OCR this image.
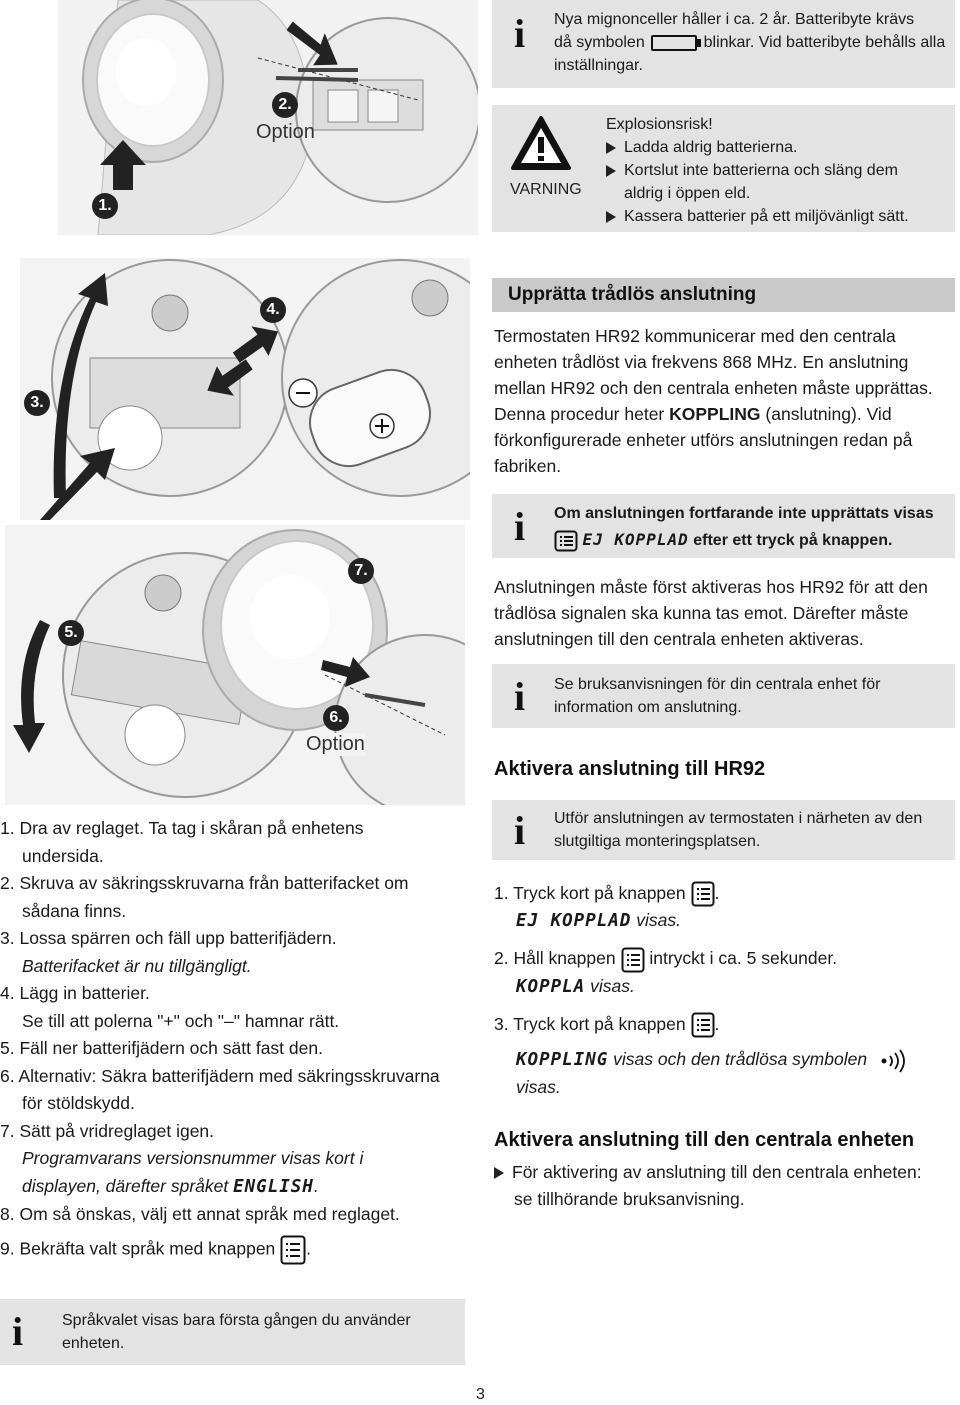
1.
2.
Option
i Nya mignonceller håller i ca. 2 år. Batteribyte krävs
då symbolen	blinkar. Vid batteribyte behålls alla
inställningar.
VARNING
Explosionsrisk!
Ladda aldrig batterierna.
Kortslut inte batterierna och släng dem
aldrig i öppen eld.
Kassera batterier på ett miljövänligt sätt.
3.
4.
5.
6.
Option
7.
Upprätta trådlös anslutning
Termostaten HR92 kommunicerar med den centrala
enheten trådlöst via frekvens 868 MHz. En anslutning
mellan HR92 och den centrala enheten måste upprättas.
Denna procedur heter KOPPLING (anslutning). Vid
förkonfigurerade enheter utförs anslutningen redan på
fabriken.
i Om anslutningen fortfarande inte upprättats visas
EJ KOPPLAD efter ett tryck på knappen.
Anslutningen måste först aktiveras hos HR92 för att den
trådlösa signalen ska kunna tas emot. Därefter måste
anslutningen till den centrala enheten aktiveras.
i Se bruksanvisningen för din centrala enhet för
information om anslutning.
Aktivera anslutning till HR92
i Utför anslutningen av termostaten i närheten av den
slutgiltiga monteringsplatsen.
1. Tryck kort på knappen .
EJ KOPPLAD visas.
2. Håll knappen intryckt i ca. 5 sekunder.
KOPPLA visas.
3. Tryck kort på knappen .
KOPPLING visas och den trådlösa symbolen
visas.
Aktivera anslutning till den centrala enheten
För aktivering av anslutning till den centrala enheten:
se tillhörande bruksanvisning.
1. Dra av reglaget. Ta tag i skåran på enhetens
undersida.
2. Skruva av säkringsskruvarna från batterifacket om
sådana finns.
3. Lossa spärren och fäll upp batterifjädern.
Batterifacket är nu tillgängligt.
4. Lägg in batterier.
Se till att polerna "+" och "–" hamnar rätt.
5. Fäll ner batterifjädern och sätt fast den.
6. Alternativ: Säkra batterifjädern med säkringsskruvarna
för stöldskydd.
7. Sätt på vridreglaget igen.
Programvarans versionsnummer visas kort i
displayen, därefter språket ENGLISH.
8. Om så önskas, välj ett annat språk med reglaget.
9. Bekräfta valt språk med knappen .
i Språkvalet visas bara första gången du använder
enheten.
3
